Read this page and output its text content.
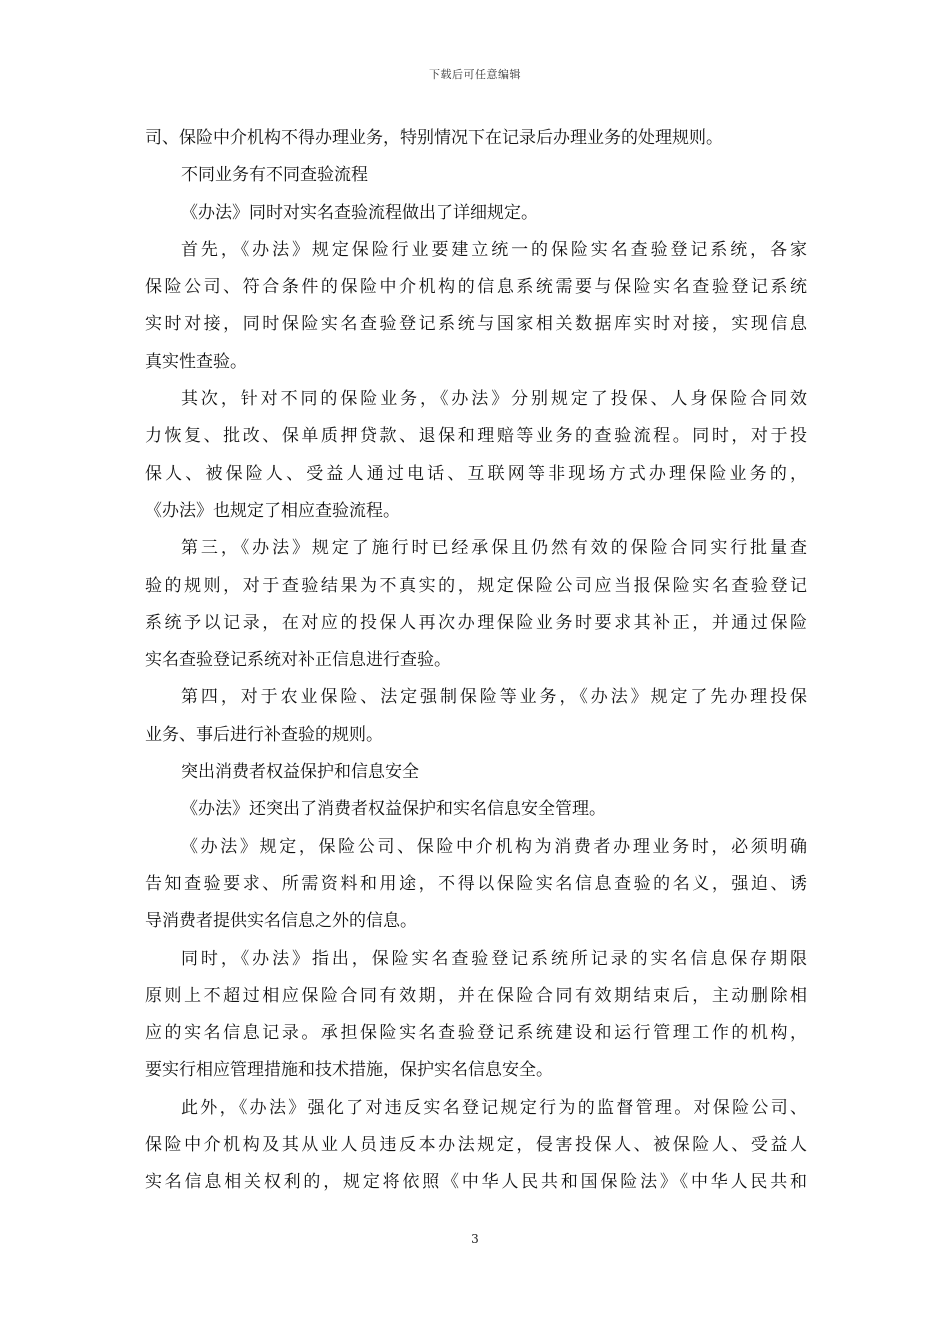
下载后可任意编辑
司、保险中介机构不得办理业务，特别情况下在记录后办理业务的处理规则。
不同业务有不同查验流程
《办法》同时对实名查验流程做出了详细规定。
首先，《办法》规定保险行业要建立统一的保险实名查验登记系统，各家
保险公司、符合条件的保险中介机构的信息系统需要与保险实名查验登记系统
实时对接，同时保险实名查验登记系统与国家相关数据库实时对接，实现信息
真实性查验。
其次，针对不同的保险业务，《办法》分别规定了投保、人身保险合同效
力恢复、批改、保单质押贷款、退保和理赔等业务的查验流程。同时，对于投
保人、被保险人、受益人通过电话、互联网等非现场方式办理保险业务的，
《办法》也规定了相应查验流程。
第三，《办法》规定了施行时已经承保且仍然有效的保险合同实行批量查
验的规则，对于查验结果为不真实的，规定保险公司应当报保险实名查验登记
系统予以记录，在对应的投保人再次办理保险业务时要求其补正，并通过保险
实名查验登记系统对补正信息进行查验。
第四，对于农业保险、法定强制保险等业务，《办法》规定了先办理投保
业务、事后进行补查验的规则。
突出消费者权益保护和信息安全
《办法》还突出了消费者权益保护和实名信息安全管理。
《办法》规定，保险公司、保险中介机构为消费者办理业务时，必须明确
告知查验要求、所需资料和用途，不得以保险实名信息查验的名义，强迫、诱
导消费者提供实名信息之外的信息。
同时，《办法》指出，保险实名查验登记系统所记录的实名信息保存期限
原则上不超过相应保险合同有效期，并在保险合同有效期结束后，主动删除相
应的实名信息记录。承担保险实名查验登记系统建设和运行管理工作的机构，
要实行相应管理措施和技术措施，保护实名信息安全。
此外，《办法》强化了对违反实名登记规定行为的监督管理。对保险公司、
保险中介机构及其从业人员违反本办法规定，侵害投保人、被保险人、受益人
实名信息相关权利的，规定将依照《中华人民共和国保险法》《中华人民共和
3
